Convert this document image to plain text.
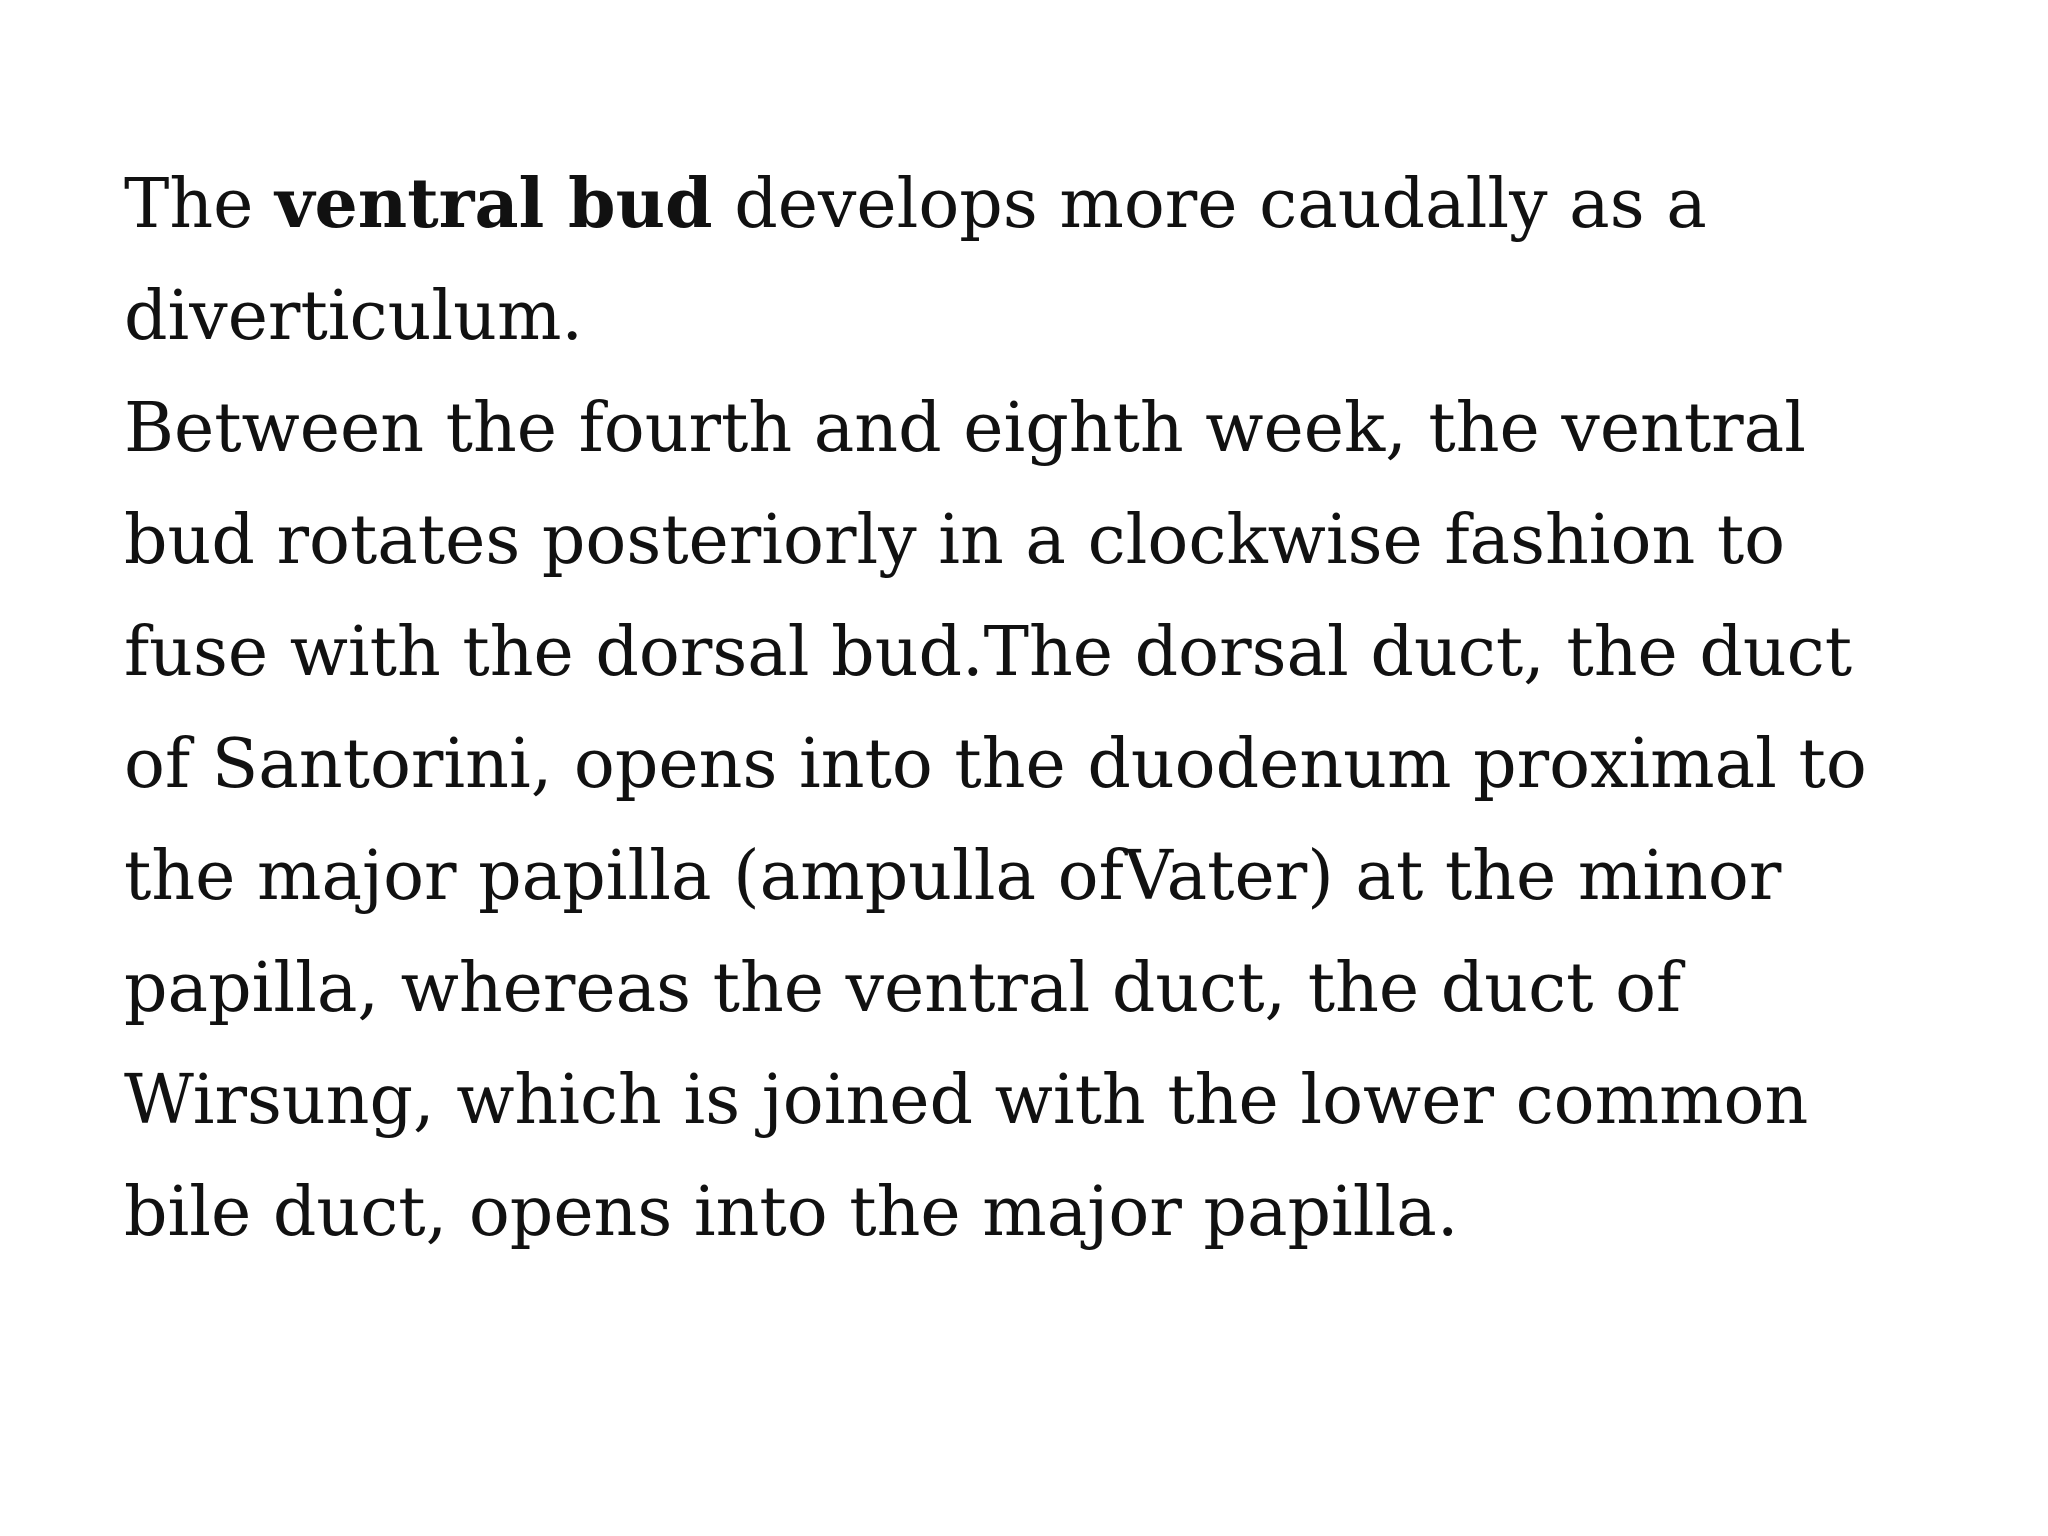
The ventral bud develops more caudally as a
diverticulum.
Between the fourth and eighth week, the ventral
bud rotates posteriorly in a clockwise fashion to
fuse with the dorsal bud.The dorsal duct, the duct
of Santorini, opens into the duodenum proximal to
the major papilla (ampulla ofVater) at the minor
papilla, whereas the ventral duct, the duct of
Wirsung, which is joined with the lower common
bile duct, opens into the major papilla.
